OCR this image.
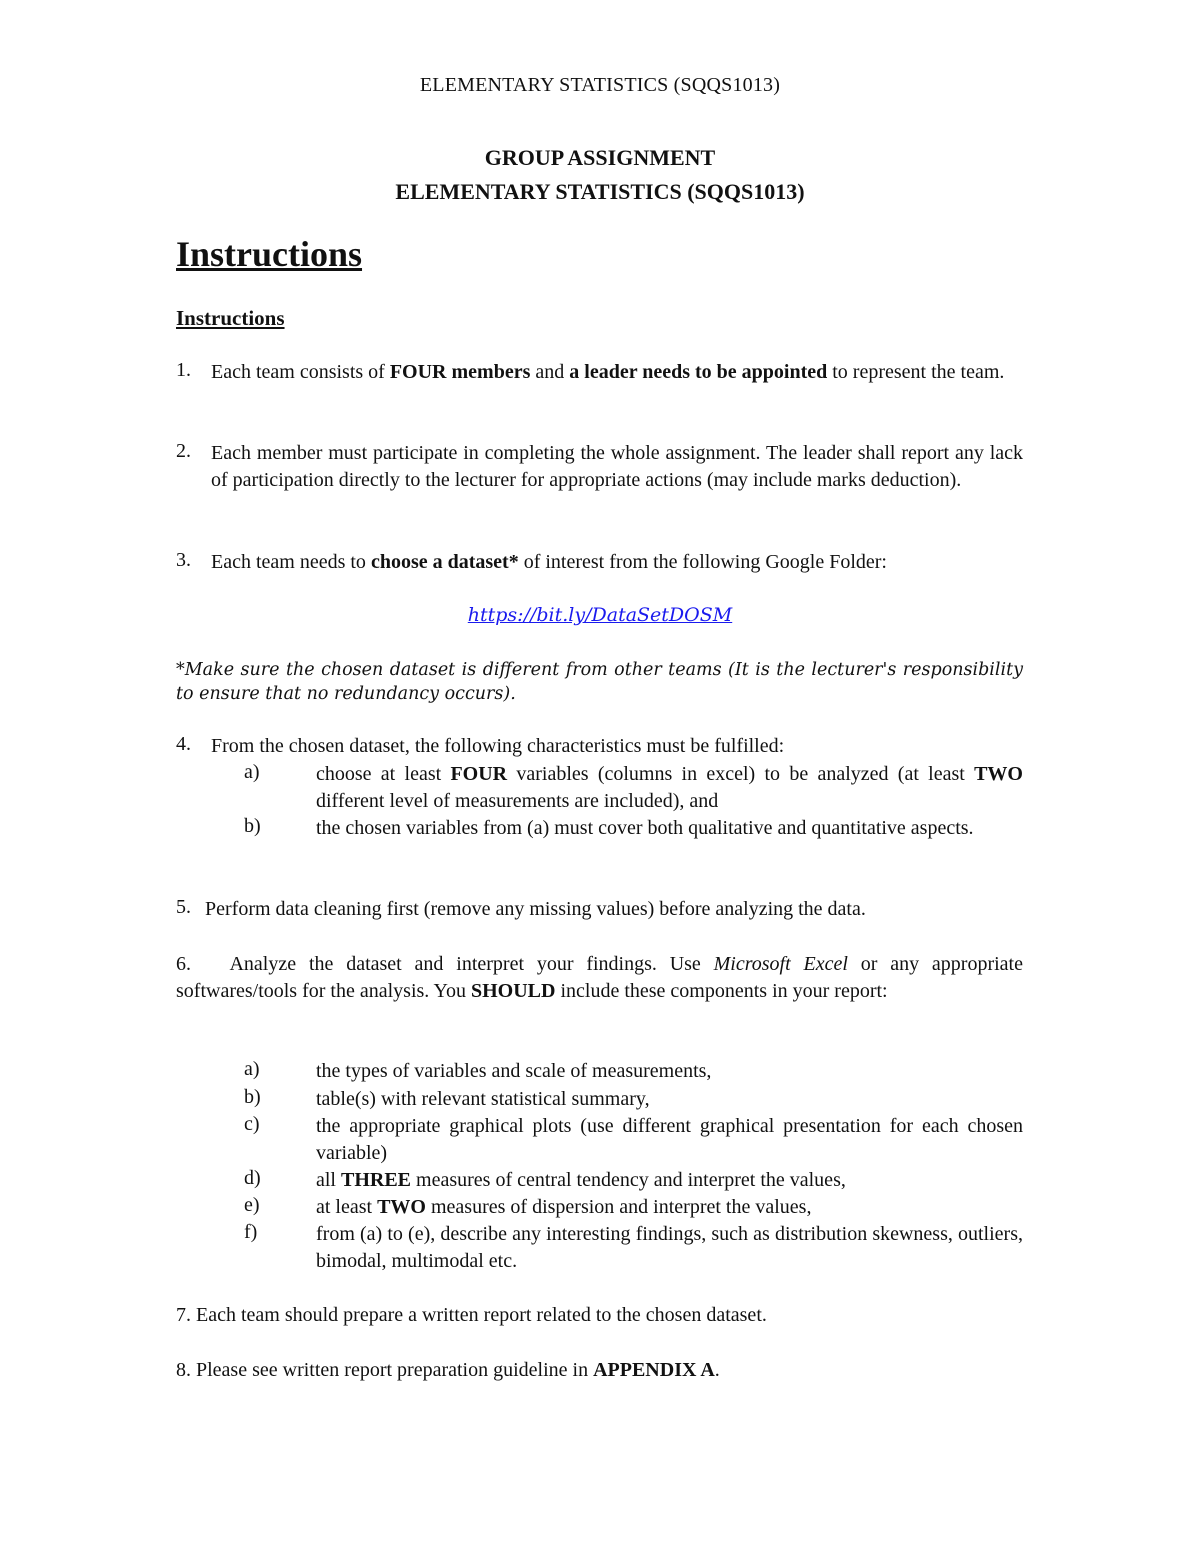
ELEMENTARY STATISTICS (SQQS1013)
GROUP ASSIGNMENT
ELEMENTARY STATISTICS (SQQS1013)
Instructions
Instructions
1.	Each team consists of FOUR members and a leader needs to be appointed to represent the team.
2.	Each member must participate in completing the whole assignment. The leader shall report any lack of participation directly to the lecturer for appropriate actions (may include marks deduction).
3.	Each team needs to choose a dataset* of interest from the following Google Folder:
https://bit.ly/DataSetDOSM
*Make sure the chosen dataset is different from other teams (It is the lecturer's responsibility to ensure that no redundancy occurs).
4.	From the chosen dataset, the following characteristics must be fulfilled:
a)	choose at least FOUR variables (columns in excel) to be analyzed (at least TWO different level of measurements are included), and
b)	the chosen variables from (a) must cover both qualitative and quantitative aspects.
5. Perform data cleaning first (remove any missing values) before analyzing the data.
6. Analyze the dataset and interpret your findings. Use Microsoft Excel or any appropriate softwares/tools for the analysis. You SHOULD include these components in your report:
a)	the types of variables and scale of measurements,
b)	table(s) with relevant statistical summary,
c)	the appropriate graphical plots (use different graphical presentation for each chosen variable)
d)	all THREE measures of central tendency and interpret the values,
e)	at least TWO measures of dispersion and interpret the values,
f)	from (a) to (e), describe any interesting findings, such as distribution skewness, outliers, bimodal, multimodal etc.
7. Each team should prepare a written report related to the chosen dataset.
8. Please see written report preparation guideline in APPENDIX A.
